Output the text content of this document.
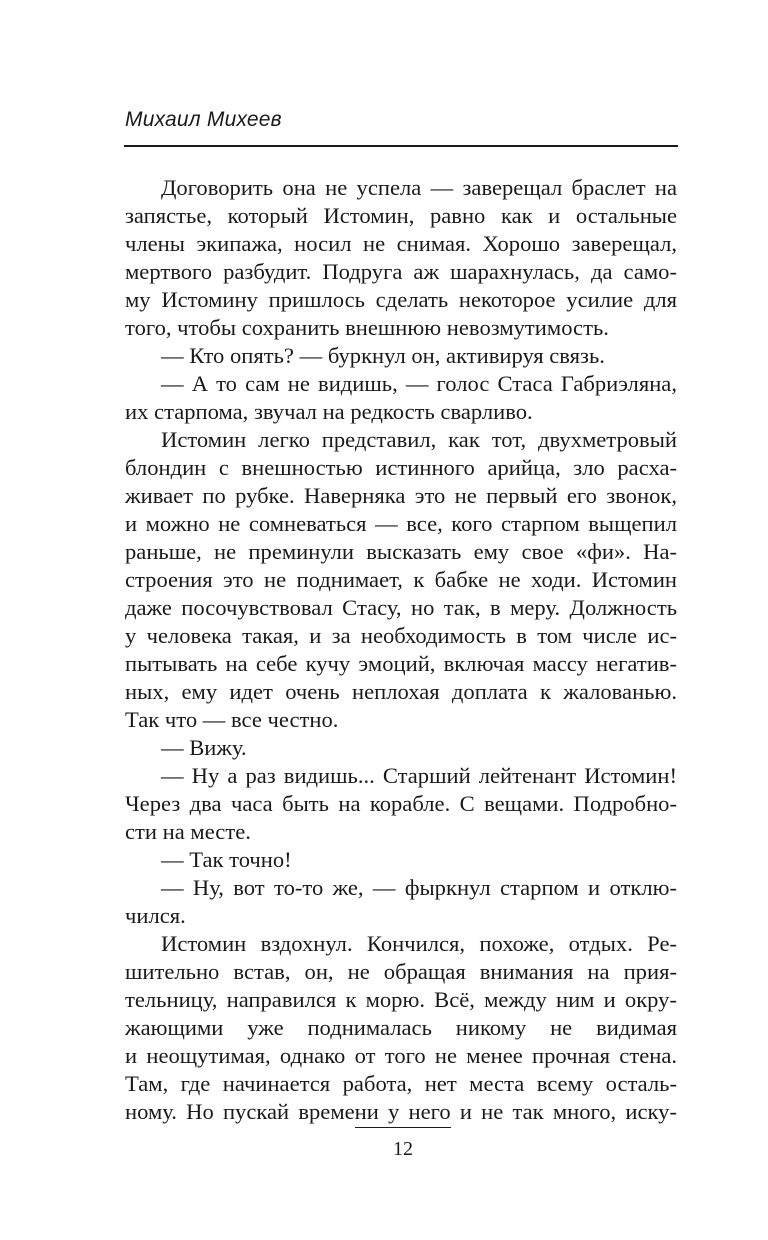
Михаил Михеев
Договорить она не успела — заверещал браслет на
запястье, который Истомин, равно как и остальные
члены экипажа, носил не снимая. Хорошо заверещал,
мертвого разбудит. Подруга аж шарахнулась, да само-
му Истомину пришлось сделать некоторое усилие для
того, чтобы сохранить внешнюю невозмутимость.
— Кто опять? — буркнул он, активируя связь.
— А то сам не видишь, — голос Стаса Габриэляна,
их старпома, звучал на редкость сварливо.
Истомин легко представил, как тот, двухметровый
блондин с внешностью истинного арийца, зло расха-
живает по рубке. Наверняка это не первый его звонок,
и можно не сомневаться — все, кого старпом выщепил
раньше, не преминули высказать ему свое «фи». На-
строения это не поднимает, к бабке не ходи. Истомин
даже посочувствовал Стасу, но так, в меру. Должность
у человека такая, и за необходимость в том числе ис-
пытывать на себе кучу эмоций, включая массу негатив-
ных, ему идет очень неплохая доплата к жалованью.
Так что — все честно.
— Вижу.
— Ну а раз видишь... Старший лейтенант Истомин!
Через два часа быть на корабле. С вещами. Подробно-
сти на месте.
— Так точно!
— Ну, вот то-то же, — фыркнул старпом и отклю-
чился.
Истомин вздохнул. Кончился, похоже, отдых. Ре-
шительно встав, он, не обращая внимания на прия-
тельницу, направился к морю. Всё, между ним и окру-
жающими уже поднималась никому не видимая
и неощутимая, однако от того не менее прочная стена.
Там, где начинается работа, нет места всему осталь-
ному. Но пускай времени у него и не так много, иску-
12
